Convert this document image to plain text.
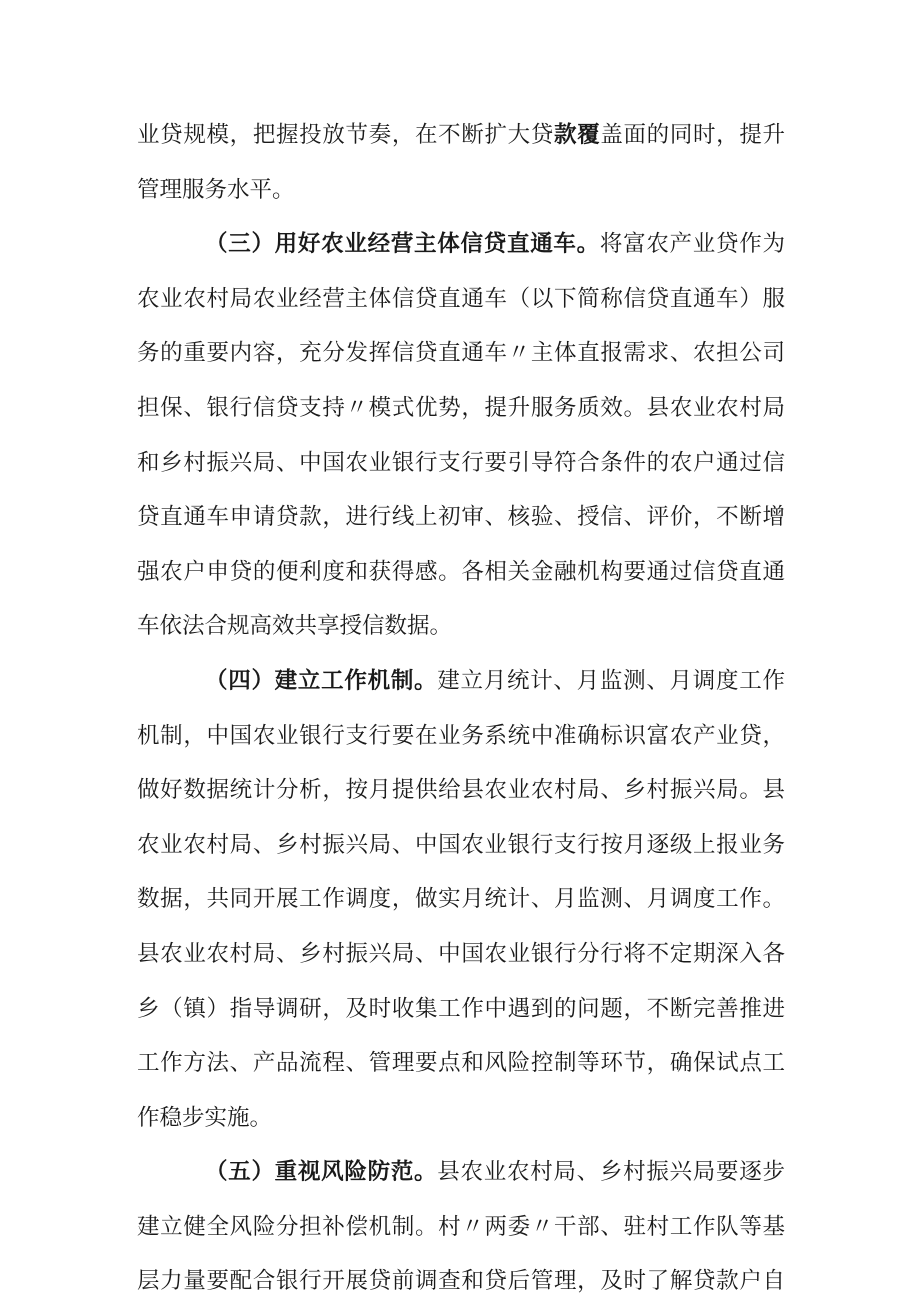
业贷规模，把握投放节奏，在不断扩大贷款覆盖面的同时，提升
管理服务水平。
（三）用好农业经营主体信贷直通车。将富农产业贷作为
农业农村局农业经营主体信贷直通车（以下简称信贷直通车）服
务的重要内容，充分发挥信贷直通车〃主体直报需求、农担公司
担保、银行信贷支持〃模式优势，提升服务质效。县农业农村局
和乡村振兴局、中国农业银行支行要引导符合条件的农户通过信
贷直通车申请贷款，进行线上初审、核验、授信、评价，不断增
强农户申贷的便利度和获得感。各相关金融机构要通过信贷直通
车依法合规高效共享授信数据。
（四）建立工作机制。建立月统计、月监测、月调度工作
机制，中国农业银行支行要在业务系统中准确标识富农产业贷，
做好数据统计分析，按月提供给县农业农村局、乡村振兴局。县
农业农村局、乡村振兴局、中国农业银行支行按月逐级上报业务
数据，共同开展工作调度，做实月统计、月监测、月调度工作。
县农业农村局、乡村振兴局、中国农业银行分行将不定期深入各
乡（镇）指导调研，及时收集工作中遇到的问题，不断完善推进
工作方法、产品流程、管理要点和风险控制等环节，确保试点工
作稳步实施。
（五）重视风险防范。县农业农村局、乡村振兴局要逐步
建立健全风险分担补偿机制。村〃两委〃干部、驻村工作队等基
层力量要配合银行开展贷前调查和贷后管理，及时了解贷款户自
